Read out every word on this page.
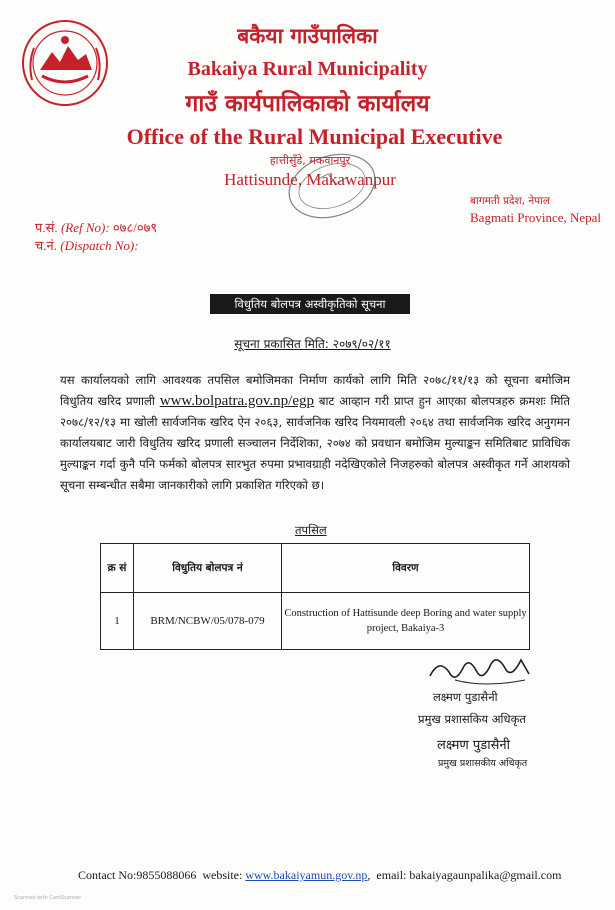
बकैया गाउँपालिका
Bakaiya Rural Municipality
गाउँ कार्यपालिकाको कार्यालय
Office of the Rural Municipal Executive
हात्तीसुँडे, मकवानपुर
Hattisunde, Makawanpur
बागमती प्रदेश, नेपाल
Bagmati Province, Nepal
प.सं. (Ref No): ०७८/०७९
च.नं. (Dispatch No):
विधुतिय बोलपत्र अस्वीकृतिको सूचना
सूचना प्रकासित मिति: २०७९/०२/११
यस कार्यालयको लागि आवश्यक तपसिल बमोजिमका निर्माण कार्यको लागि मिति २०७८/११/१३ को सूचना बमोजिम विधुतिय खरिद प्रणाली www.bolpatra.gov.np/egp बाट आव्हान गरी प्राप्त हुन आएका बोलपत्रहरु क्रमशः मिति २०७८/१२/१३ मा खोली सार्वजनिक खरिद ऐन २०६३, सार्वजनिक खरिद नियमावली २०६४ तथा सार्वजनिक खरिद अनुगमन कार्यालयबाट जारी विधुतिय खरिद प्रणाली सञ्चालन निर्देशिका, २०७४ को प्रवधान बमोजिम मुल्याङ्कन समितिबाट प्राविधिक मुल्याङ्कन गर्दा कुनै पनि फर्मको बोलपत्र सारभुत रुपमा प्रभावग्राही नदेखिएकोले निजहरुको बोलपत्र अस्वीकृत गर्ने आशयको सूचना सम्बन्धीत सबैमा जानकारीको लागि प्रकाशित गरिएको छ।
तपसिल
क्र सं	विधुतिय बोलपत्र नं	विवरण
1	BRM/NCBW/05/078-079	Construction of Hattisunde deep Boring and water supply project, Bakaiya-3
लक्ष्मण पुडासैनी
प्रमुख प्रशासकिय अधिकृत
लक्ष्मण पुडासैनी
प्रमुख प्रशासकीय अधिकृत
Contact No:9855088066 website: www.bakaiyamun.gov.np,  email: bakaiyagaunpalika@gmail.com
Scanned with CamScanner
